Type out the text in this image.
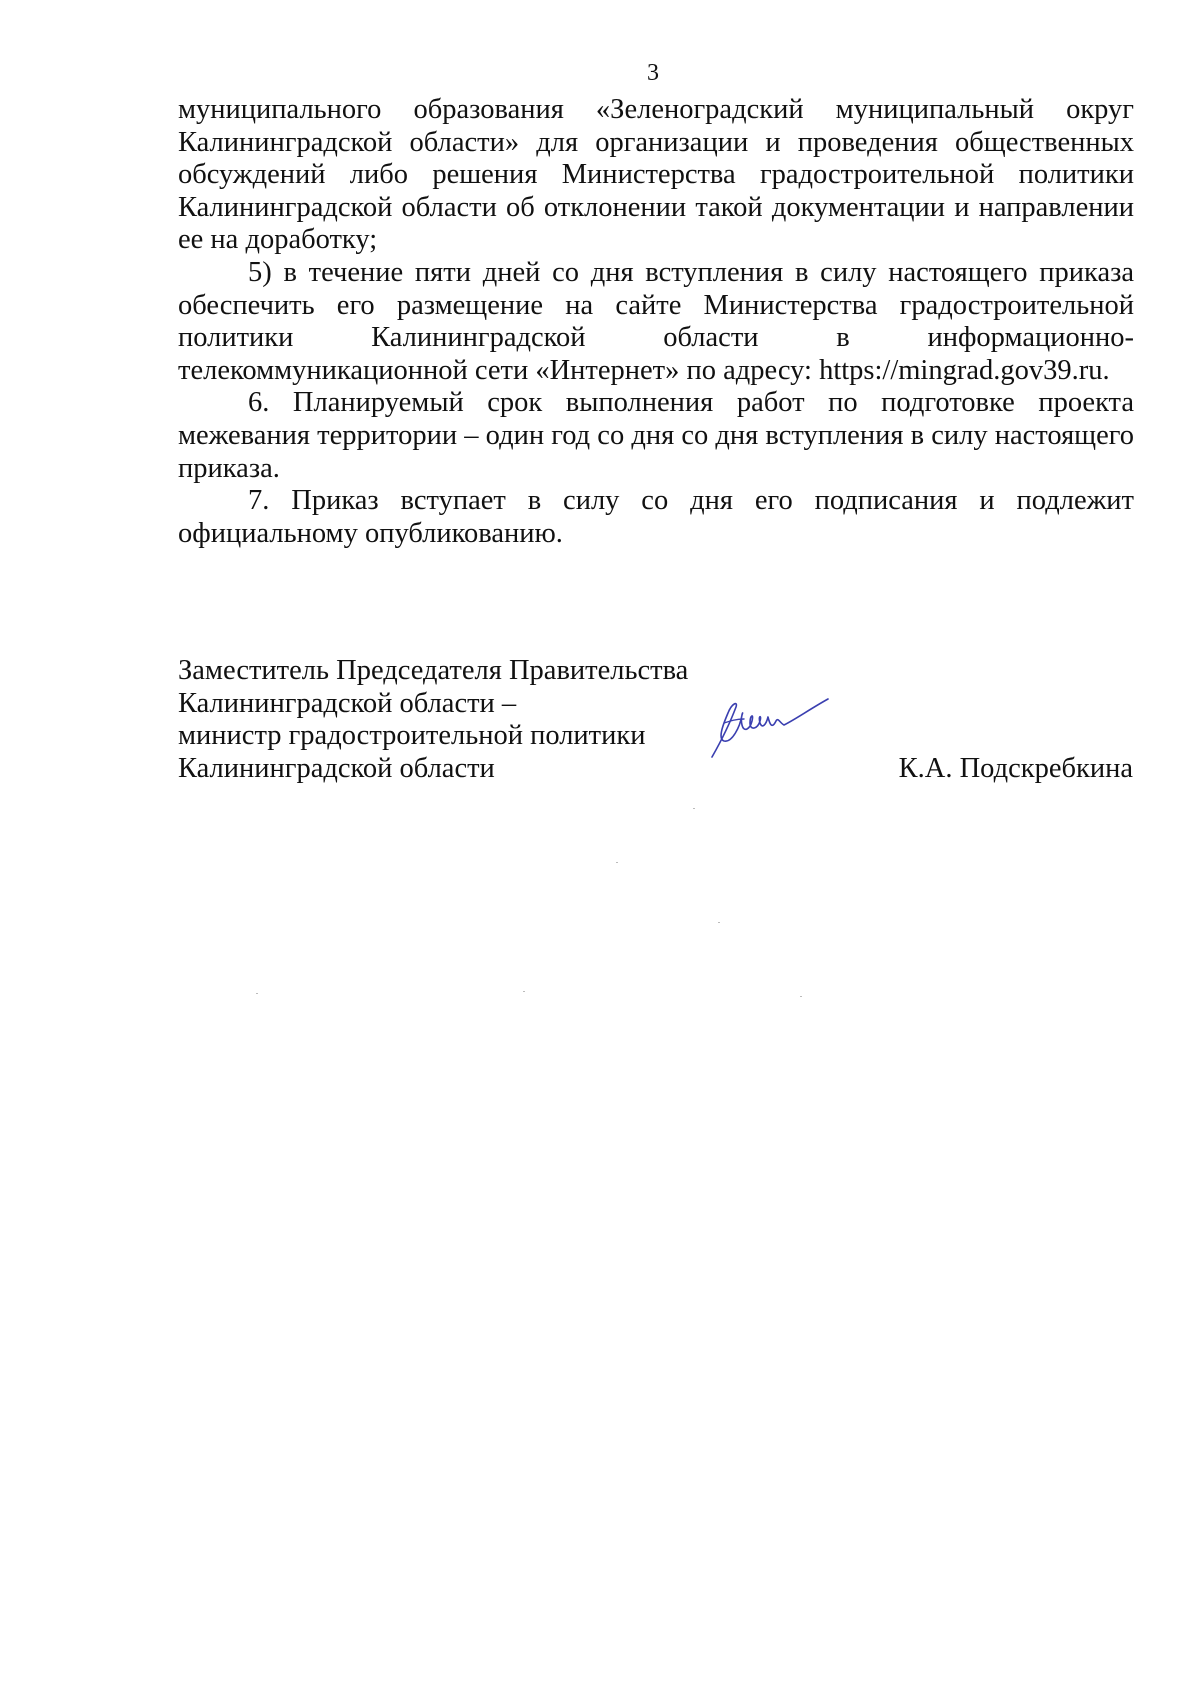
3

муниципального образования «Зеленоградский муниципальный округ Калининградской области» для организации и проведения общественных обсуждений либо решения Министерства градостроительной политики Калининградской области об отклонении такой документации и направлении ее на доработку;

5) в течение пяти дней со дня вступления в силу настоящего приказа обеспечить его размещение на сайте Министерства градостроительной политики Калининградской области в информационно-телекоммуникационной сети «Интернет» по адресу: https://mingrad.gov39.ru.

6. Планируемый срок выполнения работ по подготовке проекта межевания территории – один год со дня со дня вступления в силу настоящего приказа.

7. Приказ вступает в силу со дня его подписания и подлежит официальному опубликованию.

Заместитель Председателя Правительства
Калининградской области –
министр градостроительной политики
Калининградской области	К.А. Подскребкина
